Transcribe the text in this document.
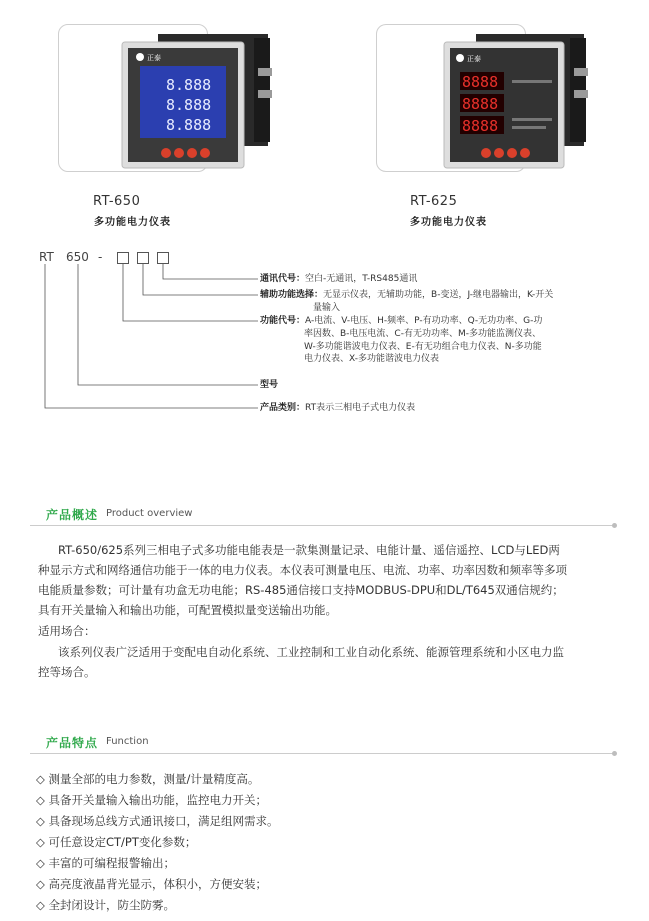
8.888
8.888
8.888
正泰
RT-650
多功能电力仪表
8888
8888
8888
正泰
RT-625
多功能电力仪表
RT 650 -
通讯代号：空白-无通讯，T-RS485通讯
辅助功能选择：无显示仪表，无辅助功能，B-变送，J-继电器输出，K-开关
量输入
功能代号：A-电流、V-电压、H-频率、P-有功功率、Q-无功功率、G-功
率因数、B-电压电流、C-有无功功率、M-多功能监测仪表、
W-多功能谐波电力仪表、E-有无功组合电力仪表、N-多功能
电力仪表、X-多功能谐波电力仪表
型号
产品类别：RT表示三相电子式电力仪表
产品概述 Product overview
RT-650/625系列三相电子式多功能电能表是一款集测量记录、电能计量、遥信遥控、LCD与LED两
种显示方式和网络通信功能于一体的电力仪表。本仪表可测量电压、电流、功率、功率因数和频率等多项
电能质量参数；可计量有功盒无功电能；RS-485通信接口支持MODBUS-DPU和DL/T645双通信规约；
具有开关量输入和输出功能，可配置模拟量变送输出功能。
适用场合：
该系列仪表广泛适用于变配电自动化系统、工业控制和工业自动化系统、能源管理系统和小区电力监
控等场合。
产品特点 Function
◇ 测量全部的电力参数，测量/计量精度高。
◇ 具备开关量输入输出功能，监控电力开关；
◇ 具备现场总线方式通讯接口，满足组网需求。
◇ 可任意设定CT/PT变化参数；
◇ 丰富的可编程报警输出；
◇ 高亮度液晶背光显示，体积小，方便安装；
◇ 全封闭设计，防尘防雾。
